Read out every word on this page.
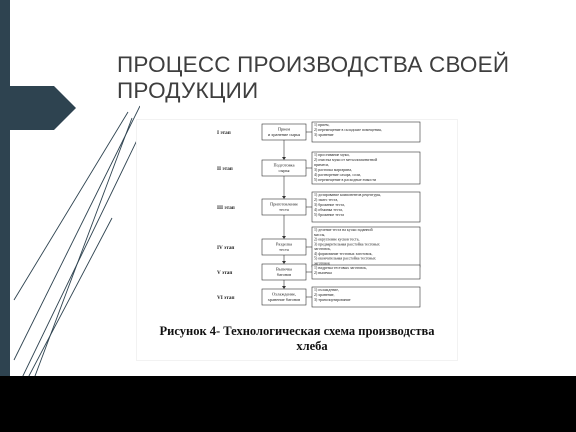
ПРОЦЕСС ПРОИЗВОДСТВА СВОЕЙ
ПРОДУКЦИИ
I этап
Прием
и хранение сырья
1) прием,
2) перемещение в складские помещения,
3) хранение
II этап
Подготовка
сырья
1) просеивание муки,
2) очистка муки от металломагнитной
примеси,
3) растопка маргарина,
4) растворение сахара, соли,
5) перемещение в расходные емкости
III этап
Приготовление
теста
1) дозирование компонентов рецептуры,
2) замес теста,
3) брожение теста,
4) обминка теста,
5) брожение теста
IV этап
Разделка
теста
1) деление теста на куски заданной
массы,
2) округление кусков теста,
3) предварительная расстойка тестовых
заготовок,
4) формование тестовых заготовок,
5) окончательная расстойка тестовых
заготовок
V этап
Выпечка
батонов
1) надрезка тестовых заготовок,
2) выпечка
VI этап
Охлаждение,
хранение батонов
1) охлаждение,
2) хранение,
3) транспортирование
Рисунок 4- Технологическая схема производства
хлеба
